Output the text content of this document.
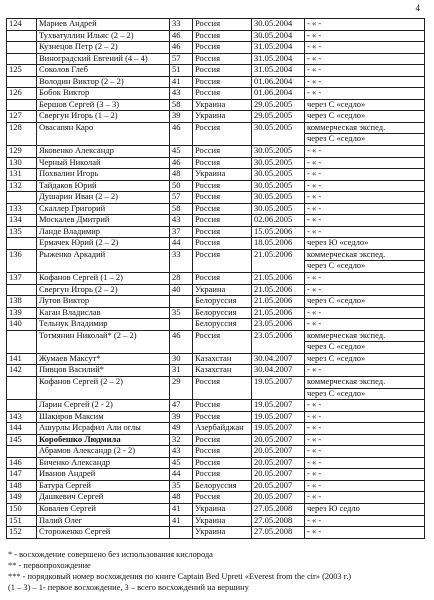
4
124	Мариев Андрей	33	Россия	30.05.2004	- « -
	Тухватуллин Ильяс (2 – 2)	46	Россия	30.05.2004	- « -
	Кузнецов Петр (2 – 2)	46	Россия	31.05.2004	- « -
	Виноградский Евгений (4 – 4)	57	Россия	31.05.2004	- « -
125	Соколов Глеб	51	Россия	31.05.2004	- « -
	Володин Виктор (2 – 2)	41	Россия	01.06.2004	- « -
126	Бобок Виктор	43	Россия	01.06.2004	- « -
	Бершов Сергей (3 – 3)	58	Украина	29.05.2005	через С «седло»
127	Свергун Игорь (1 – 2)	39	Украина	29.05.2005	через С «седло»
128	Овасапян Каро	46	Россия	30.05.2005	коммерческая экспед.
					через С «седло»
129	Яковенко Александр	45	Россия	30.05.2005	- « -
130	Черный Николай	46	Россия	30.05.2005	- « -
131	Похвалин Игорь	48	Украина	30.05.2005	- « -
132	Тайдаков Юрий	50	Россия	30.05.2005	- « -
	Душарин Иван (2 – 2)	57	Россия	30.05.2005	- « -
133	Скаллер Григорий	58	Россия	30.05.2005	- « -
134	Москалев Дмитрий	43	Россия	02.06.2005	- « -
135	Ланде Владимир	37	Россия	15.05.2006	- « -
	Ермачек Юрий (2 – 2)	44	Россия	18.05.2006	через Ю «седло»
136	Рыженко Аркадий	33	Россия	21.05.2006	коммерческая экспед.
					через С «седло»
137	Кофанов Сергей (1 – 2)	28	Россия	21.05.2006	- « -
	Свергун Игорь (2 – 2)	40	Украина	21.05.2006	- « -
138	Лутов Виктор		Белоруссия	21.05.2006	через С «седло»
139	Каган Владислав	35	Белоруссия	21.05.2006	- « -
140	Тельнук Владимир		Белоруссия	23.05.2006	- « -
	Тотмянин Николай* (2 – 2)	46	Россия	23.05.2006	коммерческая экспед.
					через С «седло»
141	Жумаев Максут*	30	Казахстан	30.04.2007	через С «седло»
142	Пивцов Василий*	31	Казахстан	30.04.2007	- « -
	Кофанов Сергей (2 – 2)	29	Россия	19.05.2007	коммерческая экспед.
					через С «седло»
	Ларин Сергей (2 - 2)	47	Россия	19.05.2007	- « -
143	Шакиров Максим	39	Россия	19.05.2007	- « -
144	Ашурлы Исрафил Али оглы	49	Азербайджан	19.05.2007	- « -
145	Коробешко Людмила	32	Россия	20.05.2007	- « -
	Абрамов Александр (2 - 2)	43	Россия	20.05.2007	- « -
146	Биченко Александр	45	Россия	20.05.2007	- « -
147	Иванов Андрей	44	Россия	20.05.2007	- « -
148	Батура Сергей	35	Белоруссия	20.05.2007	- « -
149	Дашкевич Сергей	48	Россия	20.05.2007	- « -
150	Ковалев Сергей	41	Украина	27.05.2008	через Ю седло
151	Палий Олег	41	Украина	27.05.2008	- « -
152	Стороженко Сергей		Украина	27.05.2008	- « -
* - восхождение совершено без использования кислорода
** - первопрохождение
*** - порядковый номер восхождения по книге Captain Bed Upreti «Everest from the cir» (2003 г.)
(1 – 3) – 1- первое восхождение, 3 – всего восхождений на вершину
